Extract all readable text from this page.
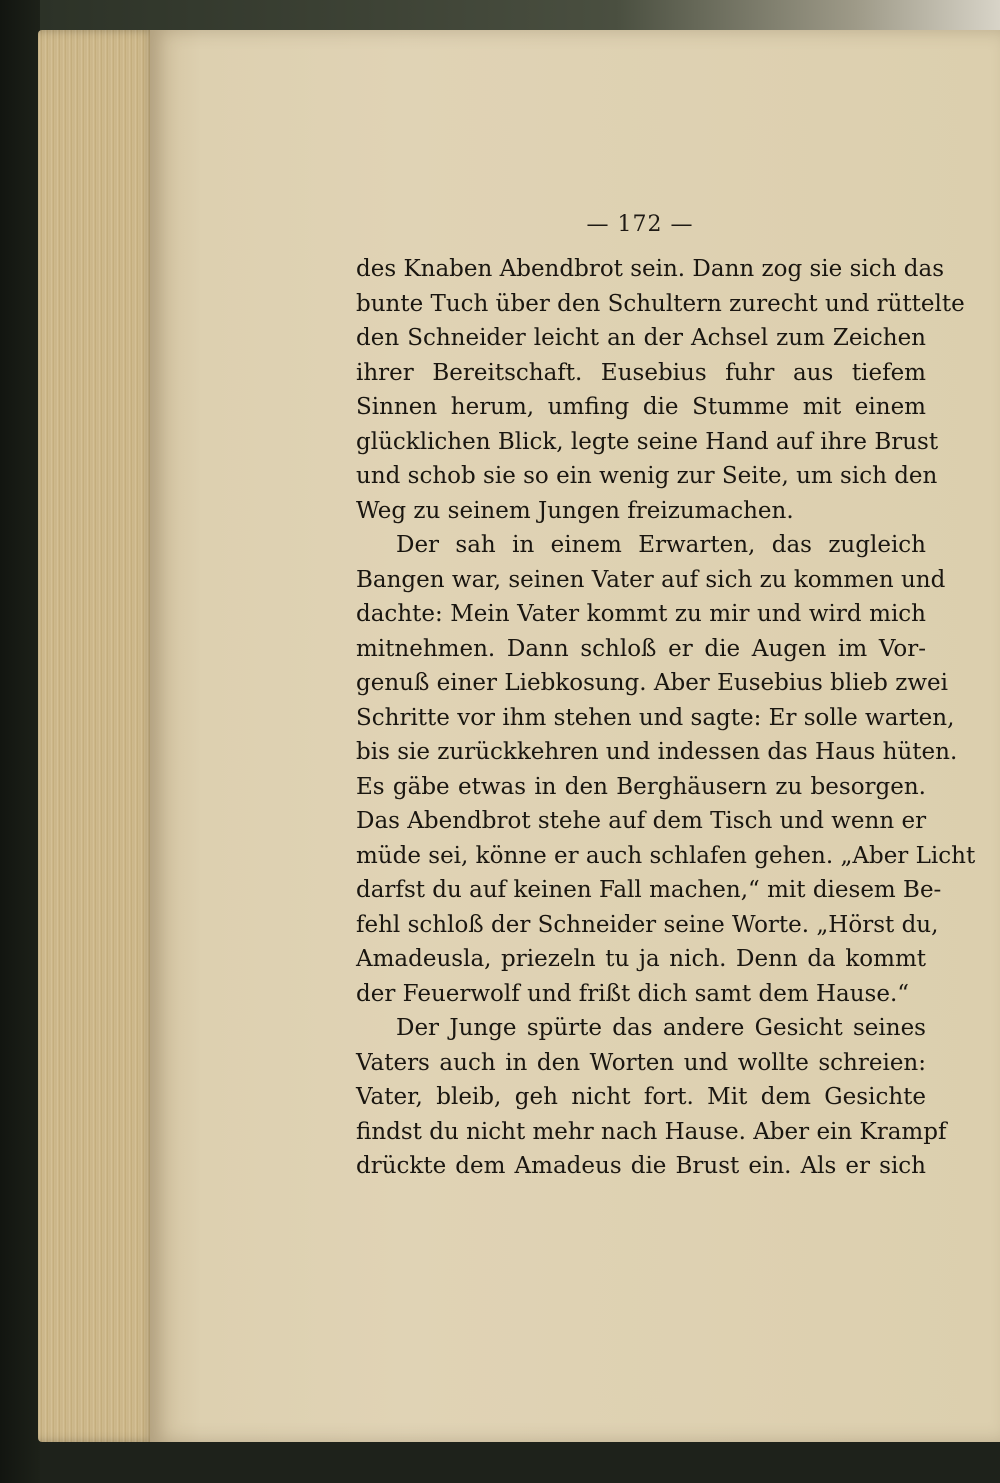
— 172 —
des Knaben Abendbrot sein. Dann zog sie sich das
bunte Tuch über den Schultern zurecht und rüttelte
den Schneider leicht an der Achsel zum Zeichen
ihrer Bereitschaft. Eusebius fuhr aus tiefem
Sinnen herum, umfing die Stumme mit einem
glücklichen Blick, legte seine Hand auf ihre Brust
und schob sie so ein wenig zur Seite, um sich den
Weg zu seinem Jungen freizumachen.
Der sah in einem Erwarten, das zugleich
Bangen war, seinen Vater auf sich zu kommen und
dachte: Mein Vater kommt zu mir und wird mich
mitnehmen. Dann schloß er die Augen im Vor-
genuß einer Liebkosung. Aber Eusebius blieb zwei
Schritte vor ihm stehen und sagte: Er solle warten,
bis sie zurückkehren und indessen das Haus hüten.
Es gäbe etwas in den Berghäusern zu besorgen.
Das Abendbrot stehe auf dem Tisch und wenn er
müde sei, könne er auch schlafen gehen. „Aber Licht
darfst du auf keinen Fall machen,“ mit diesem Be-
fehl schloß der Schneider seine Worte. „Hörst du,
Amadeusla, priezeln tu ja nich. Denn da kommt
der Feuerwolf und frißt dich samt dem Hause.“
Der Junge spürte das andere Gesicht seines
Vaters auch in den Worten und wollte schreien:
Vater, bleib, geh nicht fort. Mit dem Gesichte
findst du nicht mehr nach Hause. Aber ein Krampf
drückte dem Amadeus die Brust ein. Als er sich
